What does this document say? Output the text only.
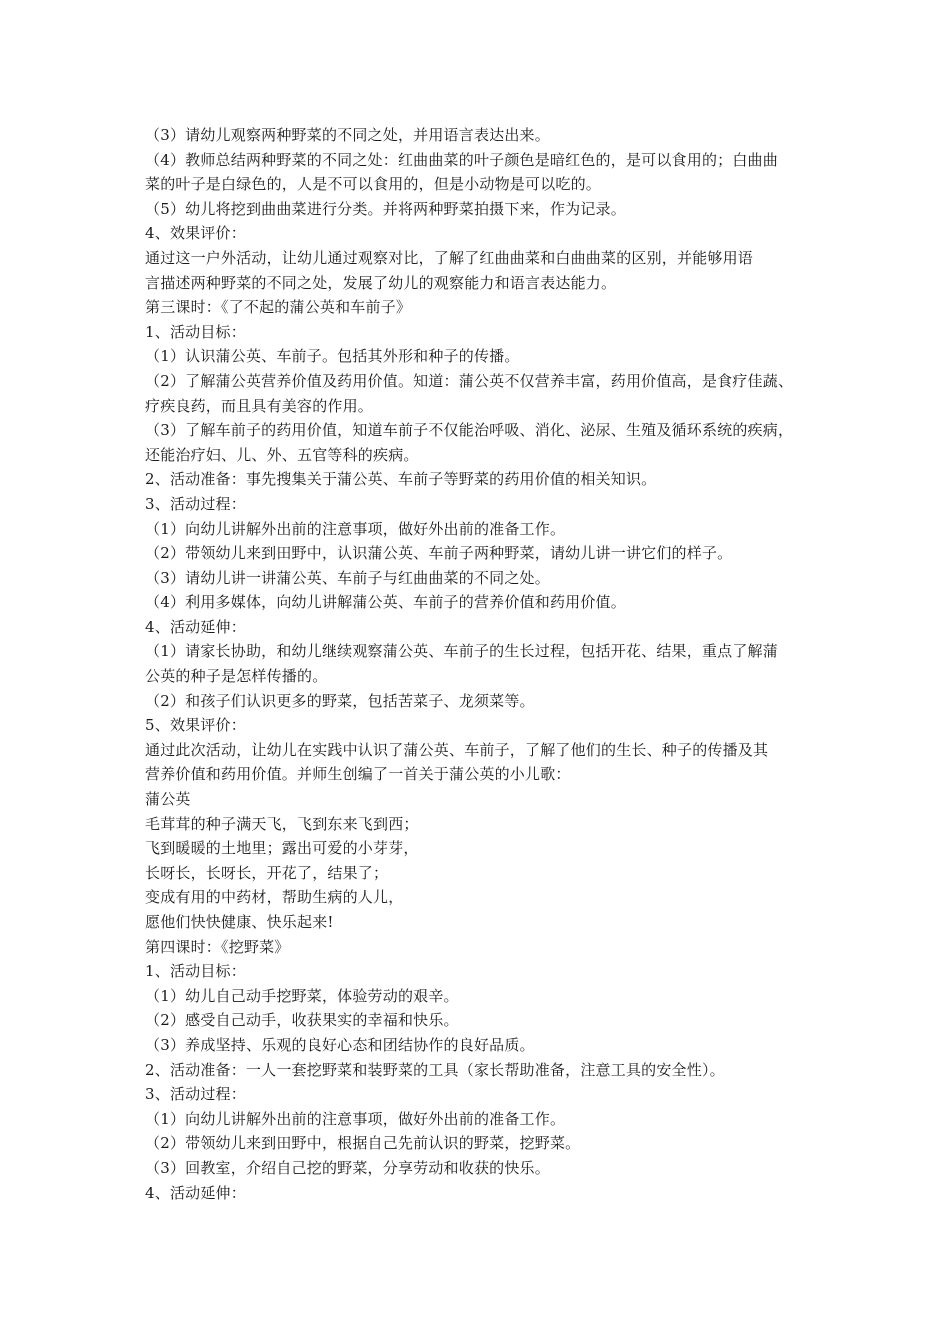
（3）请幼儿观察两种野菜的不同之处，并用语言表达出来。
（4）教师总结两种野菜的不同之处：红曲曲菜的叶子颜色是暗红色的，是可以食用的；白曲曲
菜的叶子是白绿色的，人是不可以食用的，但是小动物是可以吃的。
（5）幼儿将挖到曲曲菜进行分类。并将两种野菜拍摄下来，作为记录。
4、效果评价：
通过这一户外活动，让幼儿通过观察对比，了解了红曲曲菜和白曲曲菜的区别，并能够用语
言描述两种野菜的不同之处，发展了幼儿的观察能力和语言表达能力。
第三课时：《了不起的蒲公英和车前子》
1、活动目标：
（1）认识蒲公英、车前子。包括其外形和种子的传播。
（2）了解蒲公英营养价值及药用价值。知道：蒲公英不仅营养丰富，药用价值高，是食疗佳蔬、
疗疾良药，而且具有美容的作用。
（3）了解车前子的药用价值，知道车前子不仅能治呼吸、消化、泌尿、生殖及循环系统的疾病，
还能治疗妇、儿、外、五官等科的疾病。
2、活动准备：事先搜集关于蒲公英、车前子等野菜的药用价值的相关知识。
3、活动过程：
（1）向幼儿讲解外出前的注意事项，做好外出前的准备工作。
（2）带领幼儿来到田野中，认识蒲公英、车前子两种野菜，请幼儿讲一讲它们的样子。
（3）请幼儿讲一讲蒲公英、车前子与红曲曲菜的不同之处。
（4）利用多媒体，向幼儿讲解蒲公英、车前子的营养价值和药用价值。
4、活动延伸：
（1）请家长协助，和幼儿继续观察蒲公英、车前子的生长过程，包括开花、结果，重点了解蒲
公英的种子是怎样传播的。
（2）和孩子们认识更多的野菜，包括苦菜子、龙须菜等。
5、效果评价：
通过此次活动，让幼儿在实践中认识了蒲公英、车前子，了解了他们的生长、种子的传播及其
营养价值和药用价值。并师生创编了一首关于蒲公英的小儿歌：
蒲公英
毛茸茸的种子满天飞，飞到东来飞到西；
飞到暖暖的土地里；露出可爱的小芽芽，
长呀长，长呀长，开花了，结果了；
变成有用的中药材，帮助生病的人儿，
愿他们快快健康、快乐起来!
第四课时：《挖野菜》
1、活动目标：
（1）幼儿自己动手挖野菜，体验劳动的艰辛。
（2）感受自己动手，收获果实的幸福和快乐。
（3）养成坚持、乐观的良好心态和团结协作的良好品质。
2、活动准备：一人一套挖野菜和装野菜的工具（家长帮助准备，注意工具的安全性）。
3、活动过程：
（1）向幼儿讲解外出前的注意事项，做好外出前的准备工作。
（2）带领幼儿来到田野中，根据自己先前认识的野菜，挖野菜。
（3）回教室，介绍自己挖的野菜，分享劳动和收获的快乐。
4、活动延伸：
